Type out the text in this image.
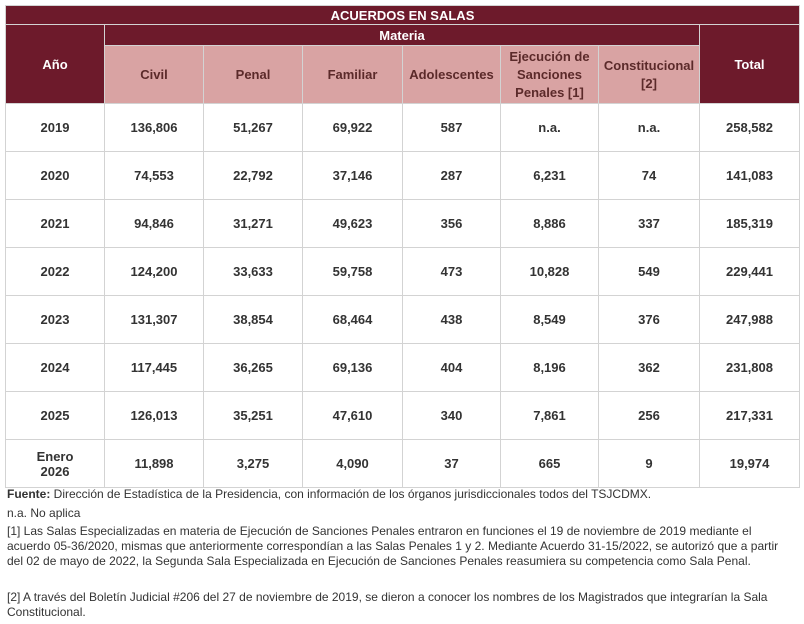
ACUERDOS EN SALAS							
Año	Materia						Total
	Civil	Penal	Familiar	Adolescentes	Ejecución de Sanciones Penales [1]	Constitucional [2]	
2019	136,806	51,267	69,922	587	n.a.	n.a.	258,582
2020	74,553	22,792	37,146	287	6,231	74	141,083
2021	94,846	31,271	49,623	356	8,886	337	185,319
2022	124,200	33,633	59,758	473	10,828	549	229,441
2023	131,307	38,854	68,464	438	8,549	376	247,988
2024	117,445	36,265	69,136	404	8,196	362	231,808
2025	126,013	35,251	47,610	340	7,861	256	217,331
Enero 2026	11,898	3,275	4,090	37	665	9	19,974
Fuente: Dirección de Estadística de la Presidencia, con información de los órganos jurisdiccionales todos del TSJCDMX.
n.a. No aplica
[1] Las Salas Especializadas en materia de Ejecución de Sanciones Penales entraron en funciones el 19 de noviembre de 2019 mediante el acuerdo 05-36/2020, mismas que anteriormente correspondían a las Salas Penales 1 y 2. Mediante Acuerdo 31-15/2022, se autorizó que a partir del 02 de mayo de 2022, la Segunda Sala Especializada en Ejecución de Sanciones Penales reasumiera su competencia como Sala Penal.
[2] A través del Boletín Judicial #206 del 27 de noviembre de 2019, se dieron a conocer los nombres de los Magistrados que integrarían la Sala Constitucional.
